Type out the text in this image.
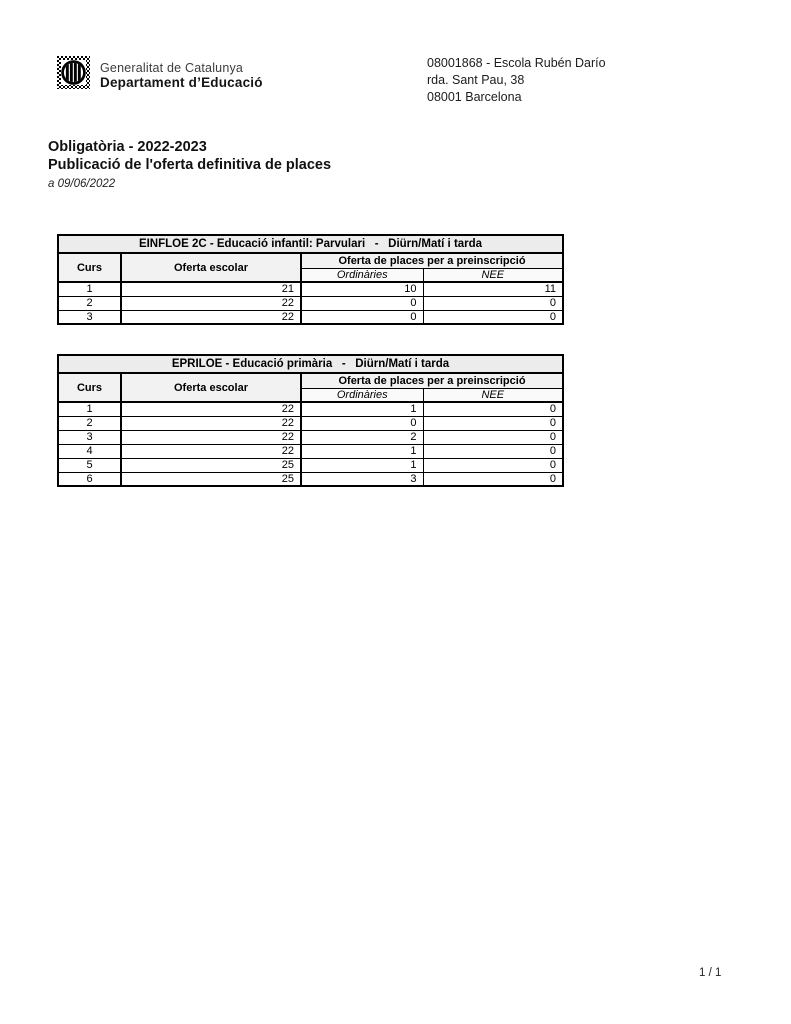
Generalitat de Catalunya
Departament d’Educació
08001868 - Escola Rubén Darío
rda. Sant Pau, 38
08001 Barcelona
Obligatòria - 2022-2023
Publicació de l'oferta definitiva de places
a 09/06/2022
EINFLOE 2C - Educació infantil: Parvulari   -   Diürn/Matí i tarda			
Curs	Oferta escolar	Oferta de places per a preinscripció	
		Ordinàries	NEE
1	21	10	11
2	22	0	0
3	22	0	0
EPRILOE - Educació primària   -   Diürn/Matí i tarda			
Curs	Oferta escolar	Oferta de places per a preinscripció	
		Ordinàries	NEE
1	22	1	0
2	22	0	0
3	22	2	0
4	22	1	0
5	25	1	0
6	25	3	0
1 / 1
